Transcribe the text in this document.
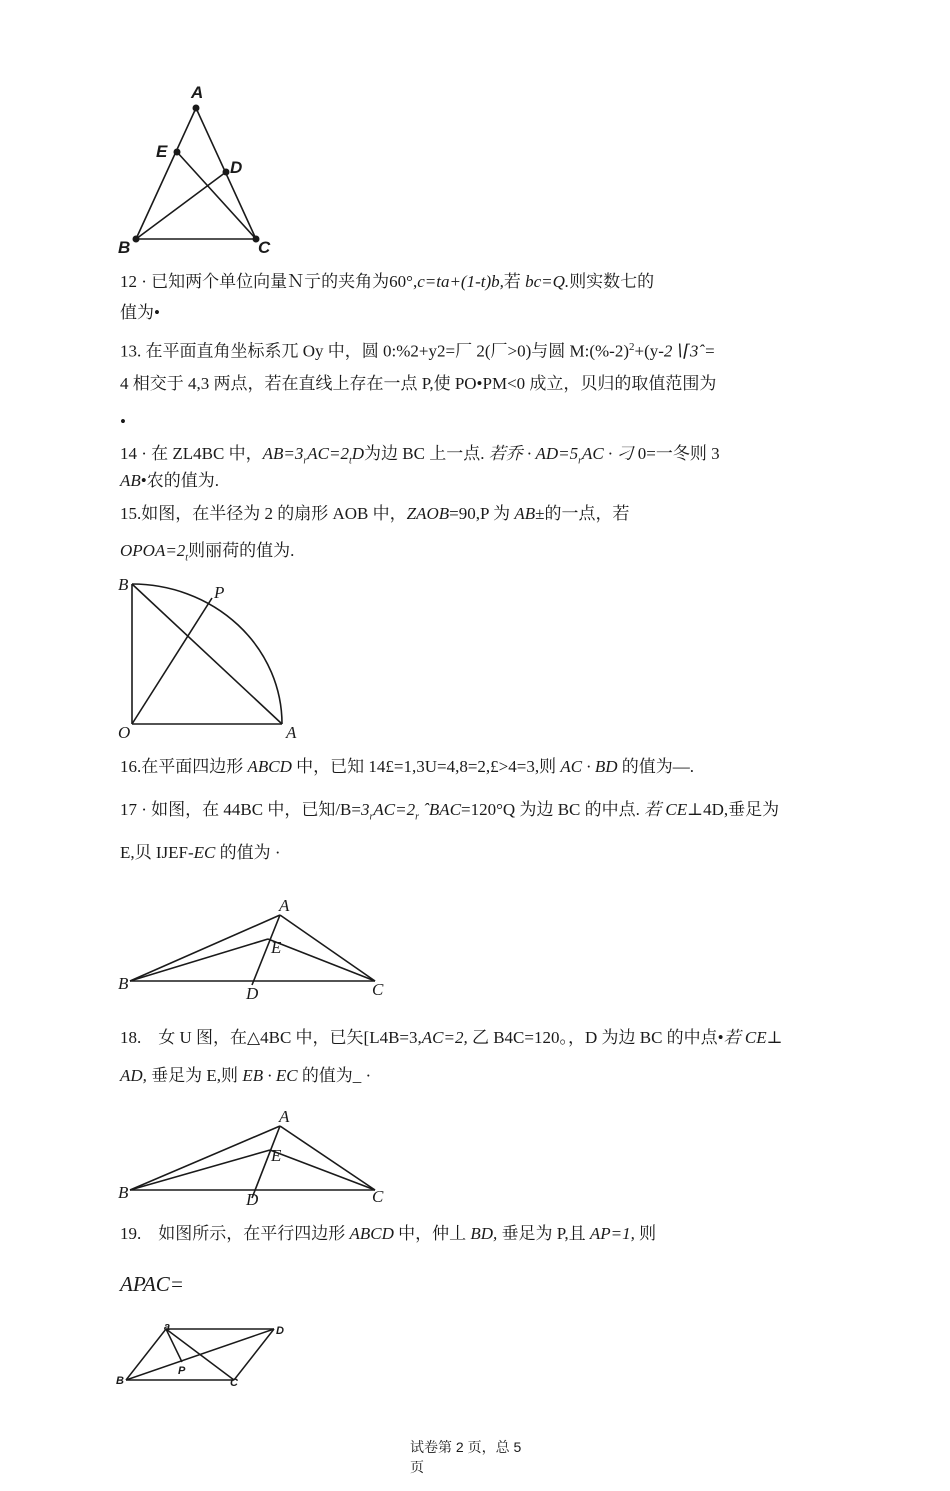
A
E
D
B	C
12 · 已知两个单位向量Ｎ亍的夹角为60°,c=ta+(1-t)b,若 bc=Q.则实数七的
值为•
13. 在平面直角坐标系兀 Oy 中，圆 0:%2+y2=厂 2(厂>0)与圆 $M:(\%-2)^2+(y-2∖⌈3ˆ=$
4 相交于 4,3 两点，若在直线上存在一点 P,使 PO•PM<0 成立，贝归的取值范围为
•
14 · 在 ZL4BC 中，$AB=3_rAC=2_tD$为边 BC 上一点. 若乔 · $AD=5_rAC$ · 刁 0=一冬则 3
AB•农的值为.
15.如图，在半径为 2 的扇形 AOB 中，ZAOB=90,P 为 AB±的一点，若
$OPOA=2_t$则丽荷的值为.
B	P
O	A
16.在平面四边形 ABCD 中，已知 14£=1,3U=4,8=2,£>4=3,则 AC · BD 的值为—.
17 · 如图，在 44BC 中，已知$/B=3_rAC=2_r$ ˆBAC=120°Q 为边 BC 的中点. 若 CE⊥4D,垂足为
E,贝 IJEF-EC 的值为 ·
A
E
B
D	C
18.　女 U 图，在△4BC 中，已矢[L4B=3,AC=2, 乙 B4C=120。，D 为边 BC 的中点•若 CE⊥
AD, 垂足为 E,则 EB · EC 的值为_ ·
A
E
B	D	C
19.　如图所示，在平行四边形 ABCD 中，仲丄 BD, 垂足为 P,且 AP=1, 则
APAC=
a	D
B
P
C
试卷第 2 页，总 5
页
